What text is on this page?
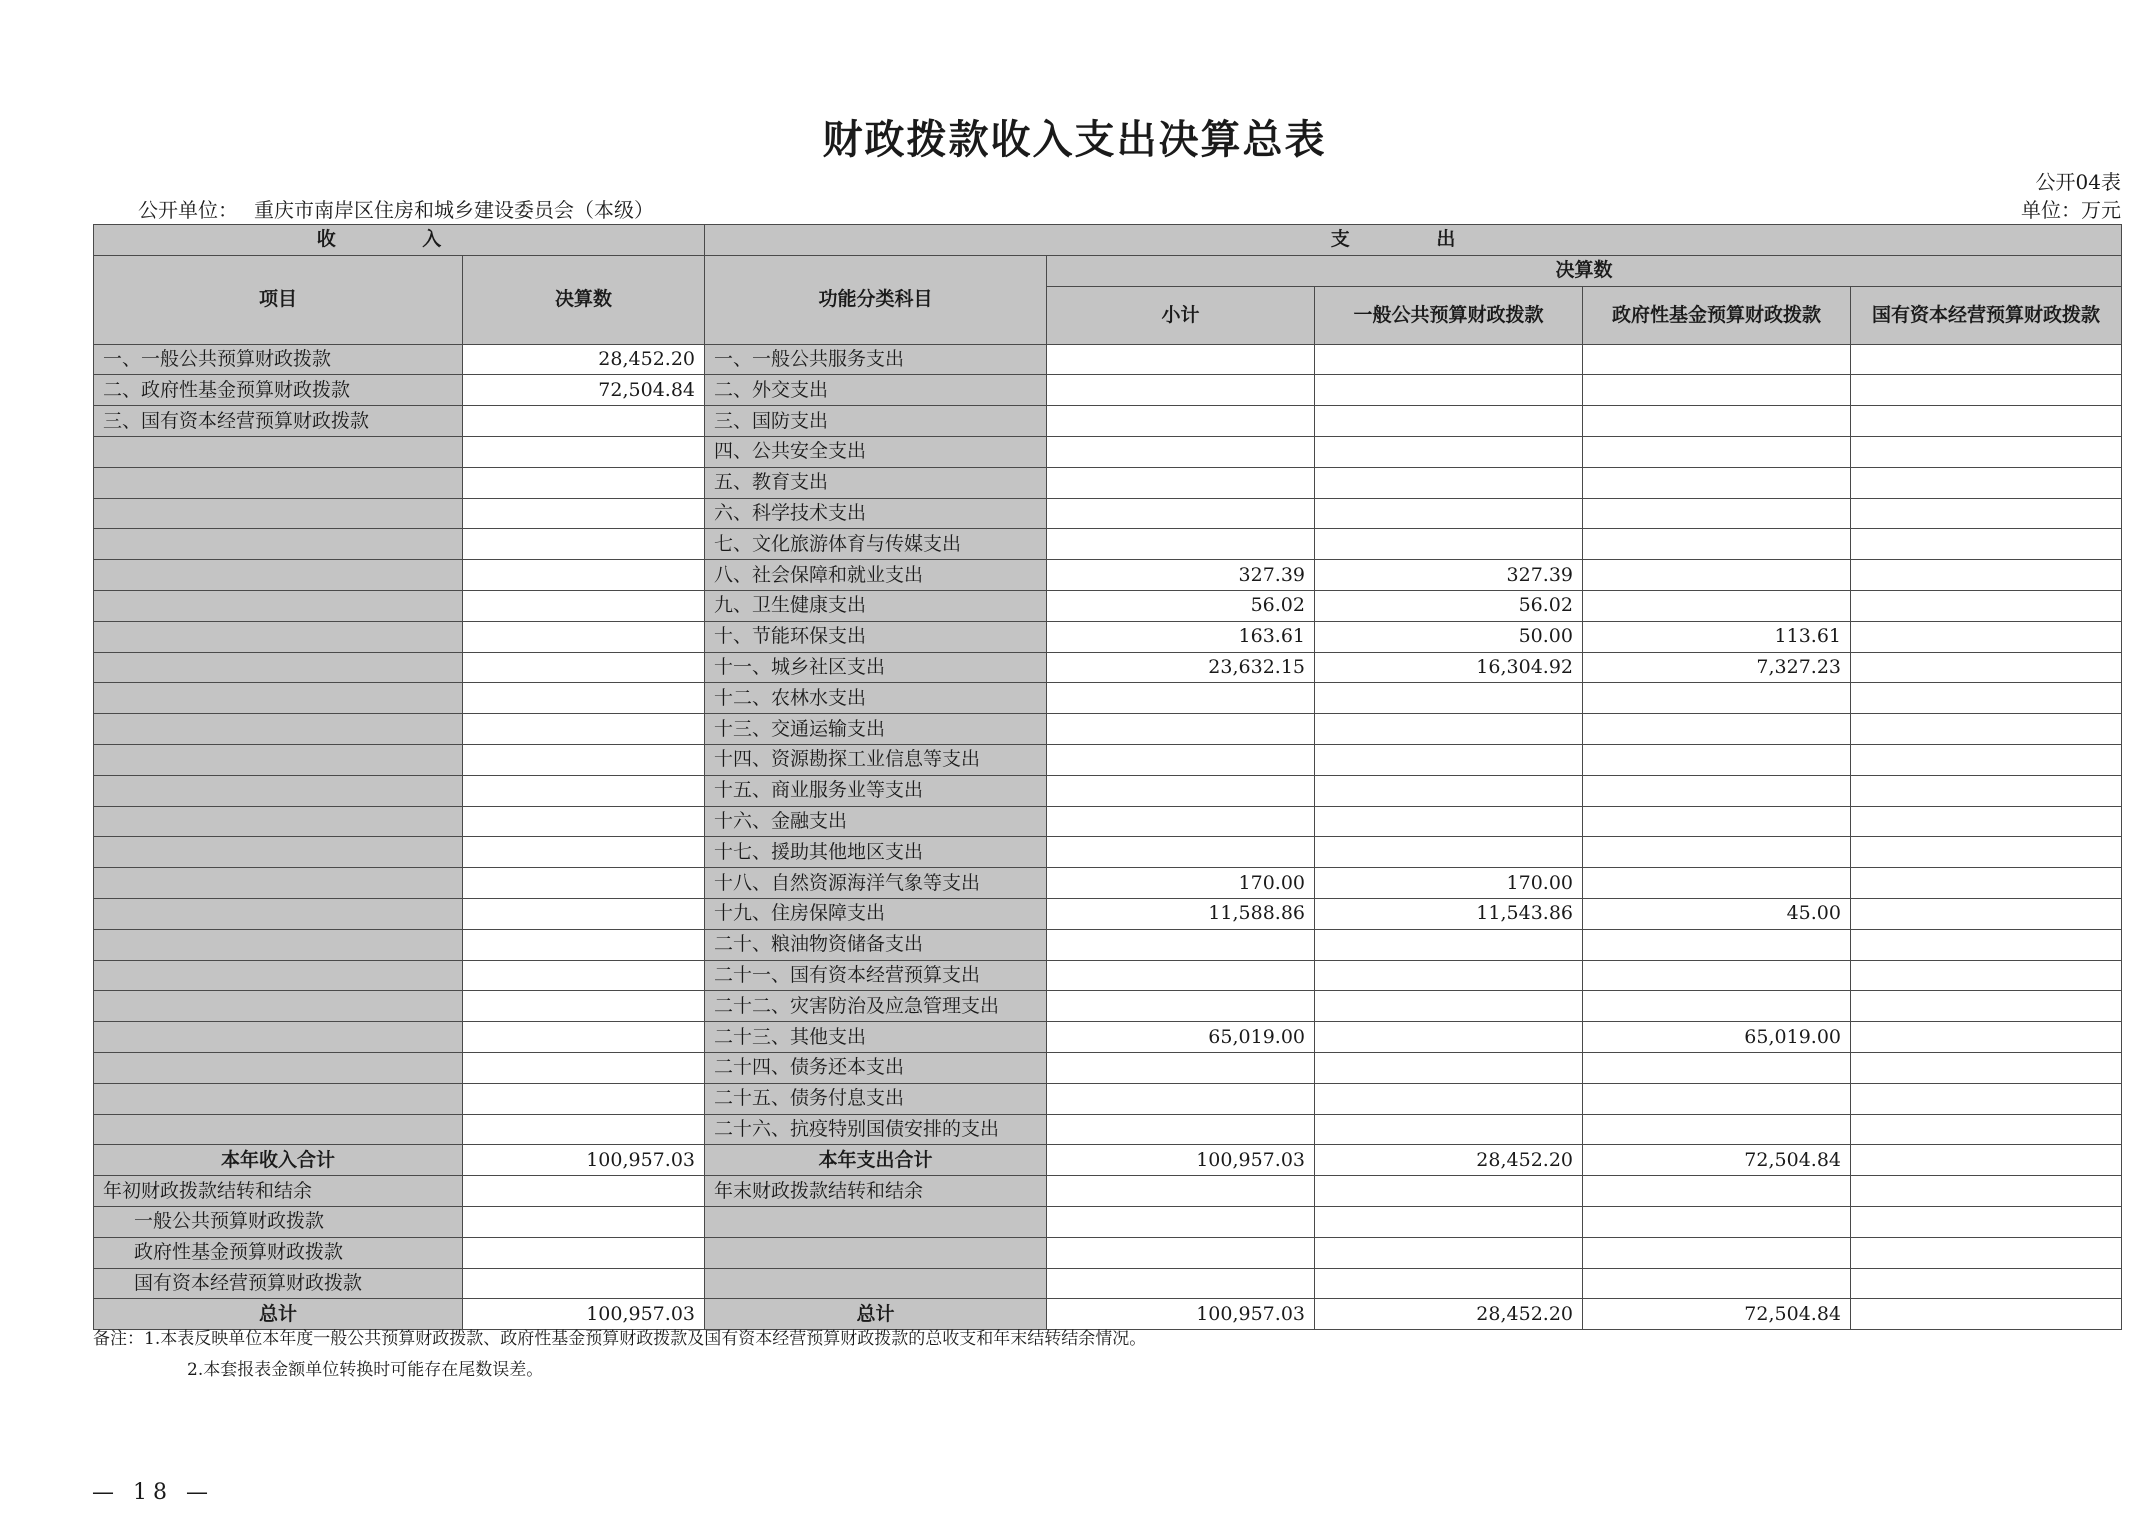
财政拨款收入支出决算总表
公开04表
公开单位： 重庆市南岸区住房和城乡建设委员会（本级）	单位：万元
收 入		支 出				
项目	决算数	功能分类科目	决算数			
			小计	一般公共预算财政拨款	政府性基金预算财政拨款	国有资本经营预算财政拨款
一、一般公共预算财政拨款	28,452.20	一、一般公共服务支出				
二、政府性基金预算财政拨款	72,504.84	二、外交支出				
三、国有资本经营预算财政拨款		三、国防支出				
		四、公共安全支出				
		五、教育支出				
		六、科学技术支出				
		七、文化旅游体育与传媒支出				
		八、社会保障和就业支出	327.39	327.39		
		九、卫生健康支出	56.02	56.02		
		十、节能环保支出	163.61	50.00	113.61	
		十一、城乡社区支出	23,632.15	16,304.92	7,327.23	
		十二、农林水支出				
		十三、交通运输支出				
		十四、资源勘探工业信息等支出				
		十五、商业服务业等支出				
		十六、金融支出				
		十七、援助其他地区支出				
		十八、自然资源海洋气象等支出	170.00	170.00		
		十九、住房保障支出	11,588.86	11,543.86	45.00	
		二十、粮油物资储备支出				
		二十一、国有资本经营预算支出				
		二十二、灾害防治及应急管理支出				
		二十三、其他支出	65,019.00		65,019.00	
		二十四、债务还本支出				
		二十五、债务付息支出				
		二十六、抗疫特别国债安排的支出				
本年收入合计	100,957.03	本年支出合计	100,957.03	28,452.20	72,504.84	
年初财政拨款结转和结余		年末财政拨款结转和结余				
一般公共预算财政拨款						
政府性基金预算财政拨款						
国有资本经营预算财政拨款						
总计	100,957.03	总计	100,957.03	28,452.20	72,504.84	
备注：1.本表反映单位本年度一般公共预算财政拨款、政府性基金预算财政拨款及国有资本经营预算财政拨款的总收支和年末结转结余情况。
2.本套报表金额单位转换时可能存在尾数误差。
— 18 —
